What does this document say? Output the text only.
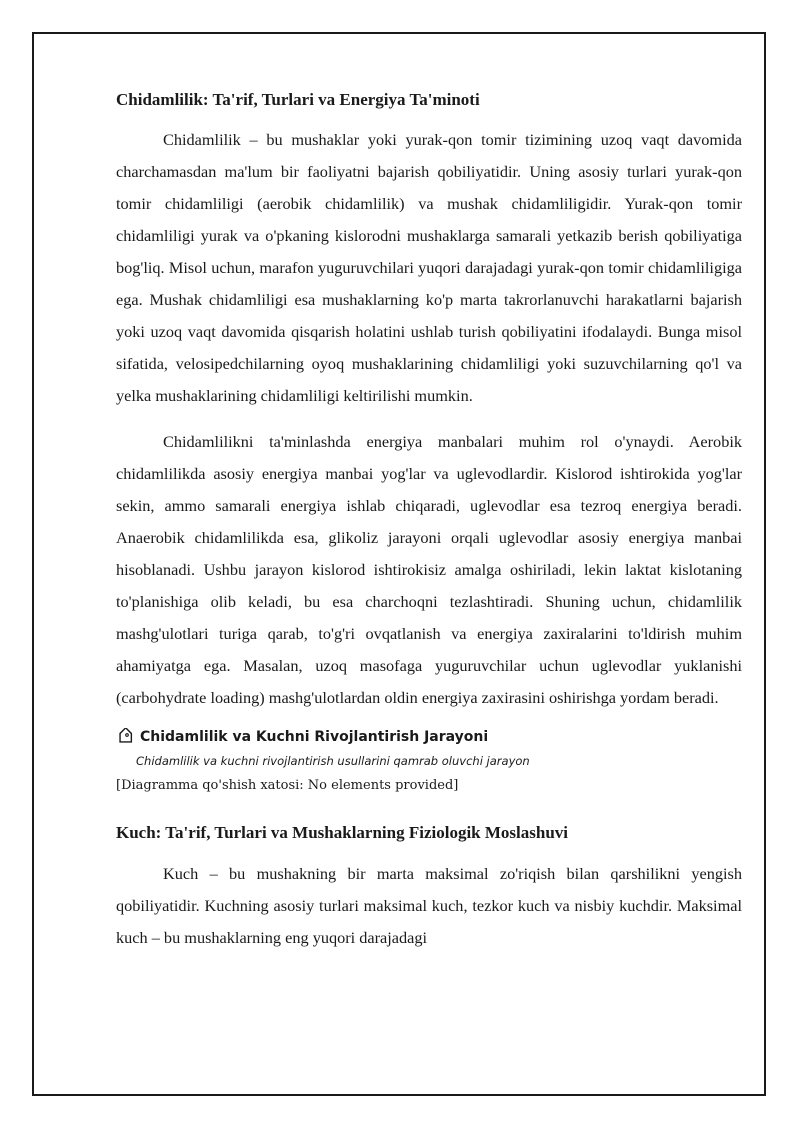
Chidamlilik: Ta'rif, Turlari va Energiya Ta'minoti

Chidamlilik – bu mushaklar yoki yurak-qon tomir tizimining uzoq vaqt davomida charchamasdan ma'lum bir faoliyatni bajarish qobiliyatidir. Uning asosiy turlari yurak-qon tomir chidamliligi (aerobik chidamlilik) va mushak chidamliligidir. Yurak-qon tomir chidamliligi yurak va o'pkaning kislorodni mushaklarga samarali yetkazib berish qobiliyatiga bog'liq. Misol uchun, marafon yuguruvchilari yuqori darajadagi yurak-qon tomir chidamliligiga ega. Mushak chidamliligi esa mushaklarning ko'p marta takrorlanuvchi harakatlarni bajarish yoki uzoq vaqt davomida qisqarish holatini ushlab turish qobiliyatini ifodalaydi. Bunga misol sifatida, velosipedchilarning oyoq mushaklarining chidamliligi yoki suzuvchilarning qo'l va yelka mushaklarining chidamliligi keltirilishi mumkin.

Chidamlilikni ta'minlashda energiya manbalari muhim rol o'ynaydi. Aerobik chidamlilikda asosiy energiya manbai yog'lar va uglevodlardir. Kislorod ishtirokida yog'lar sekin, ammo samarali energiya ishlab chiqaradi, uglevodlar esa tezroq energiya beradi. Anaerobik chidamlilikda esa, glikoliz jarayoni orqali uglevodlar asosiy energiya manbai hisoblanadi. Ushbu jarayon kislorod ishtirokisiz amalga oshiriladi, lekin laktat kislotaning to'planishiga olib keladi, bu esa charchoqni tezlashtiradi. Shuning uchun, chidamlilik mashg'ulotlari turiga qarab, to'g'ri ovqatlanish va energiya zaxiralarini to'ldirish muhim ahamiyatga ega. Masalan, uzoq masofaga yuguruvchilar uchun uglevodlar yuklanishi (carbohydrate loading) mashg'ulotlardan oldin energiya zaxirasini oshirishga yordam beradi.

Chidamlilik va Kuchni Rivojlantirish Jarayoni
Chidamlilik va kuchni rivojlantirish usullarini qamrab oluvchi jarayon
[Diagramma qo'shish xatosi: No elements provided]
Kuch: Ta'rif, Turlari va Mushaklarning Fiziologik Moslashuvi

Kuch – bu mushakning bir marta maksimal zo'riqish bilan qarshilikni yengish qobiliyatidir. Kuchning asosiy turlari maksimal kuch, tezkor kuch va nisbiy kuchdir. Maksimal kuch – bu mushaklarning eng yuqori darajadagi
